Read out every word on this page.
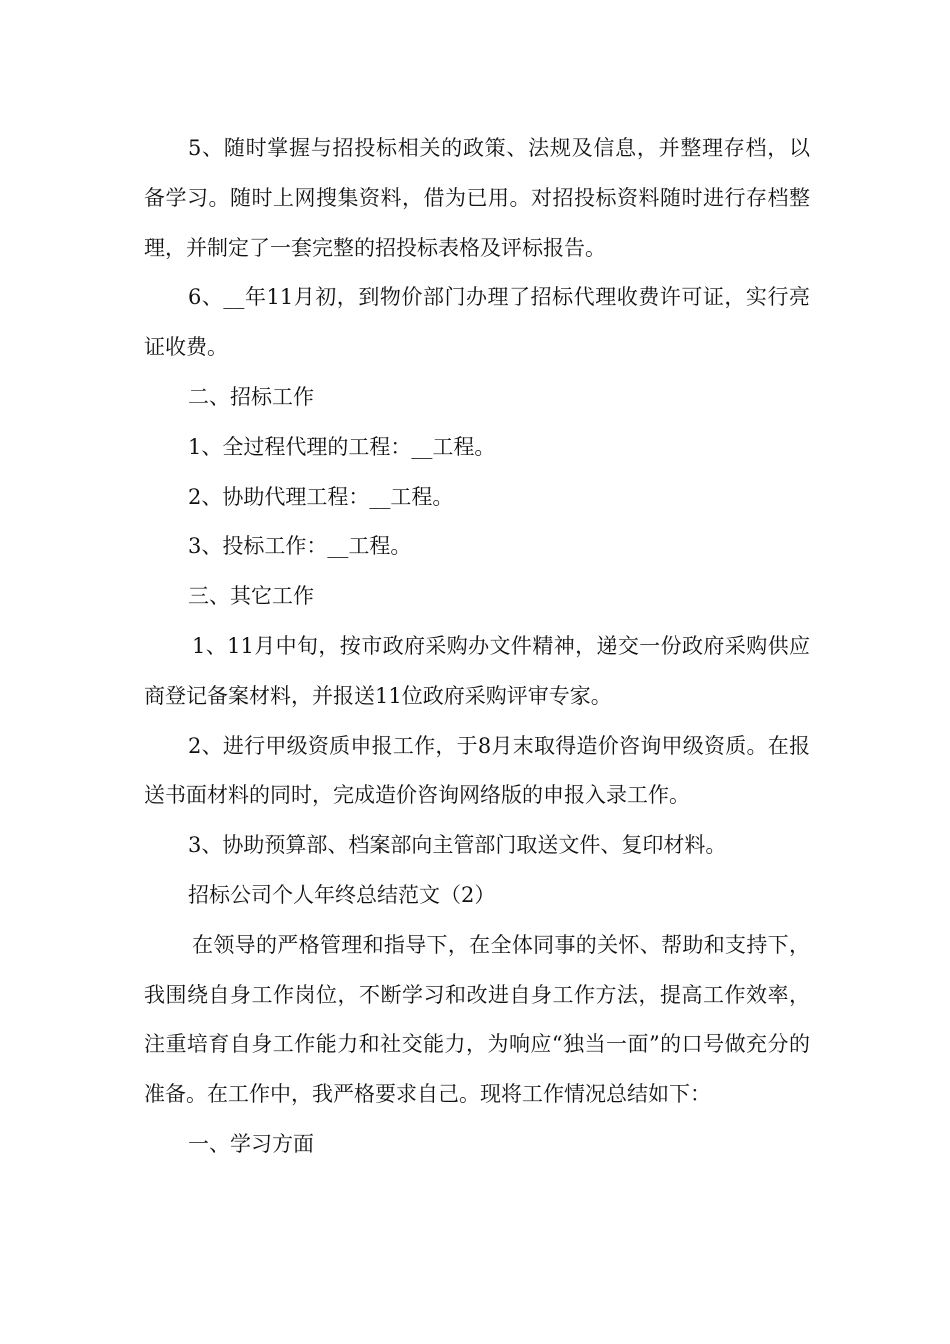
5、随时掌握与招投标相关的政策、法规及信息，并整理存档，以备学习。随时上网搜集资料，借为已用。对招投标资料随时进行存档整理，并制定了一套完整的招投标表格及评标报告。

6、__年11月初，到物价部门办理了招标代理收费许可证，实行亮证收费。

二、招标工作

1、全过程代理的工程：__工程。

2、协助代理工程：__工程。

3、投标工作：__工程。

三、其它工作

1、11月中旬，按市政府采购办文件精神，递交一份政府采购供应商登记备案材料，并报送11位政府采购评审专家。

2、进行甲级资质申报工作，于8月末取得造价咨询甲级资质。在报送书面材料的同时，完成造价咨询网络版的申报入录工作。

3、协助预算部、档案部向主管部门取送文件、复印材料。

招标公司个人年终总结范文（2）

在领导的严格管理和指导下，在全体同事的关怀、帮助和支持下，我围绕自身工作岗位，不断学习和改进自身工作方法，提高工作效率，注重培育自身工作能力和社交能力，为响应“独当一面”的口号做充分的准备。在工作中，我严格要求自己。现将工作情况总结如下：

一、学习方面
